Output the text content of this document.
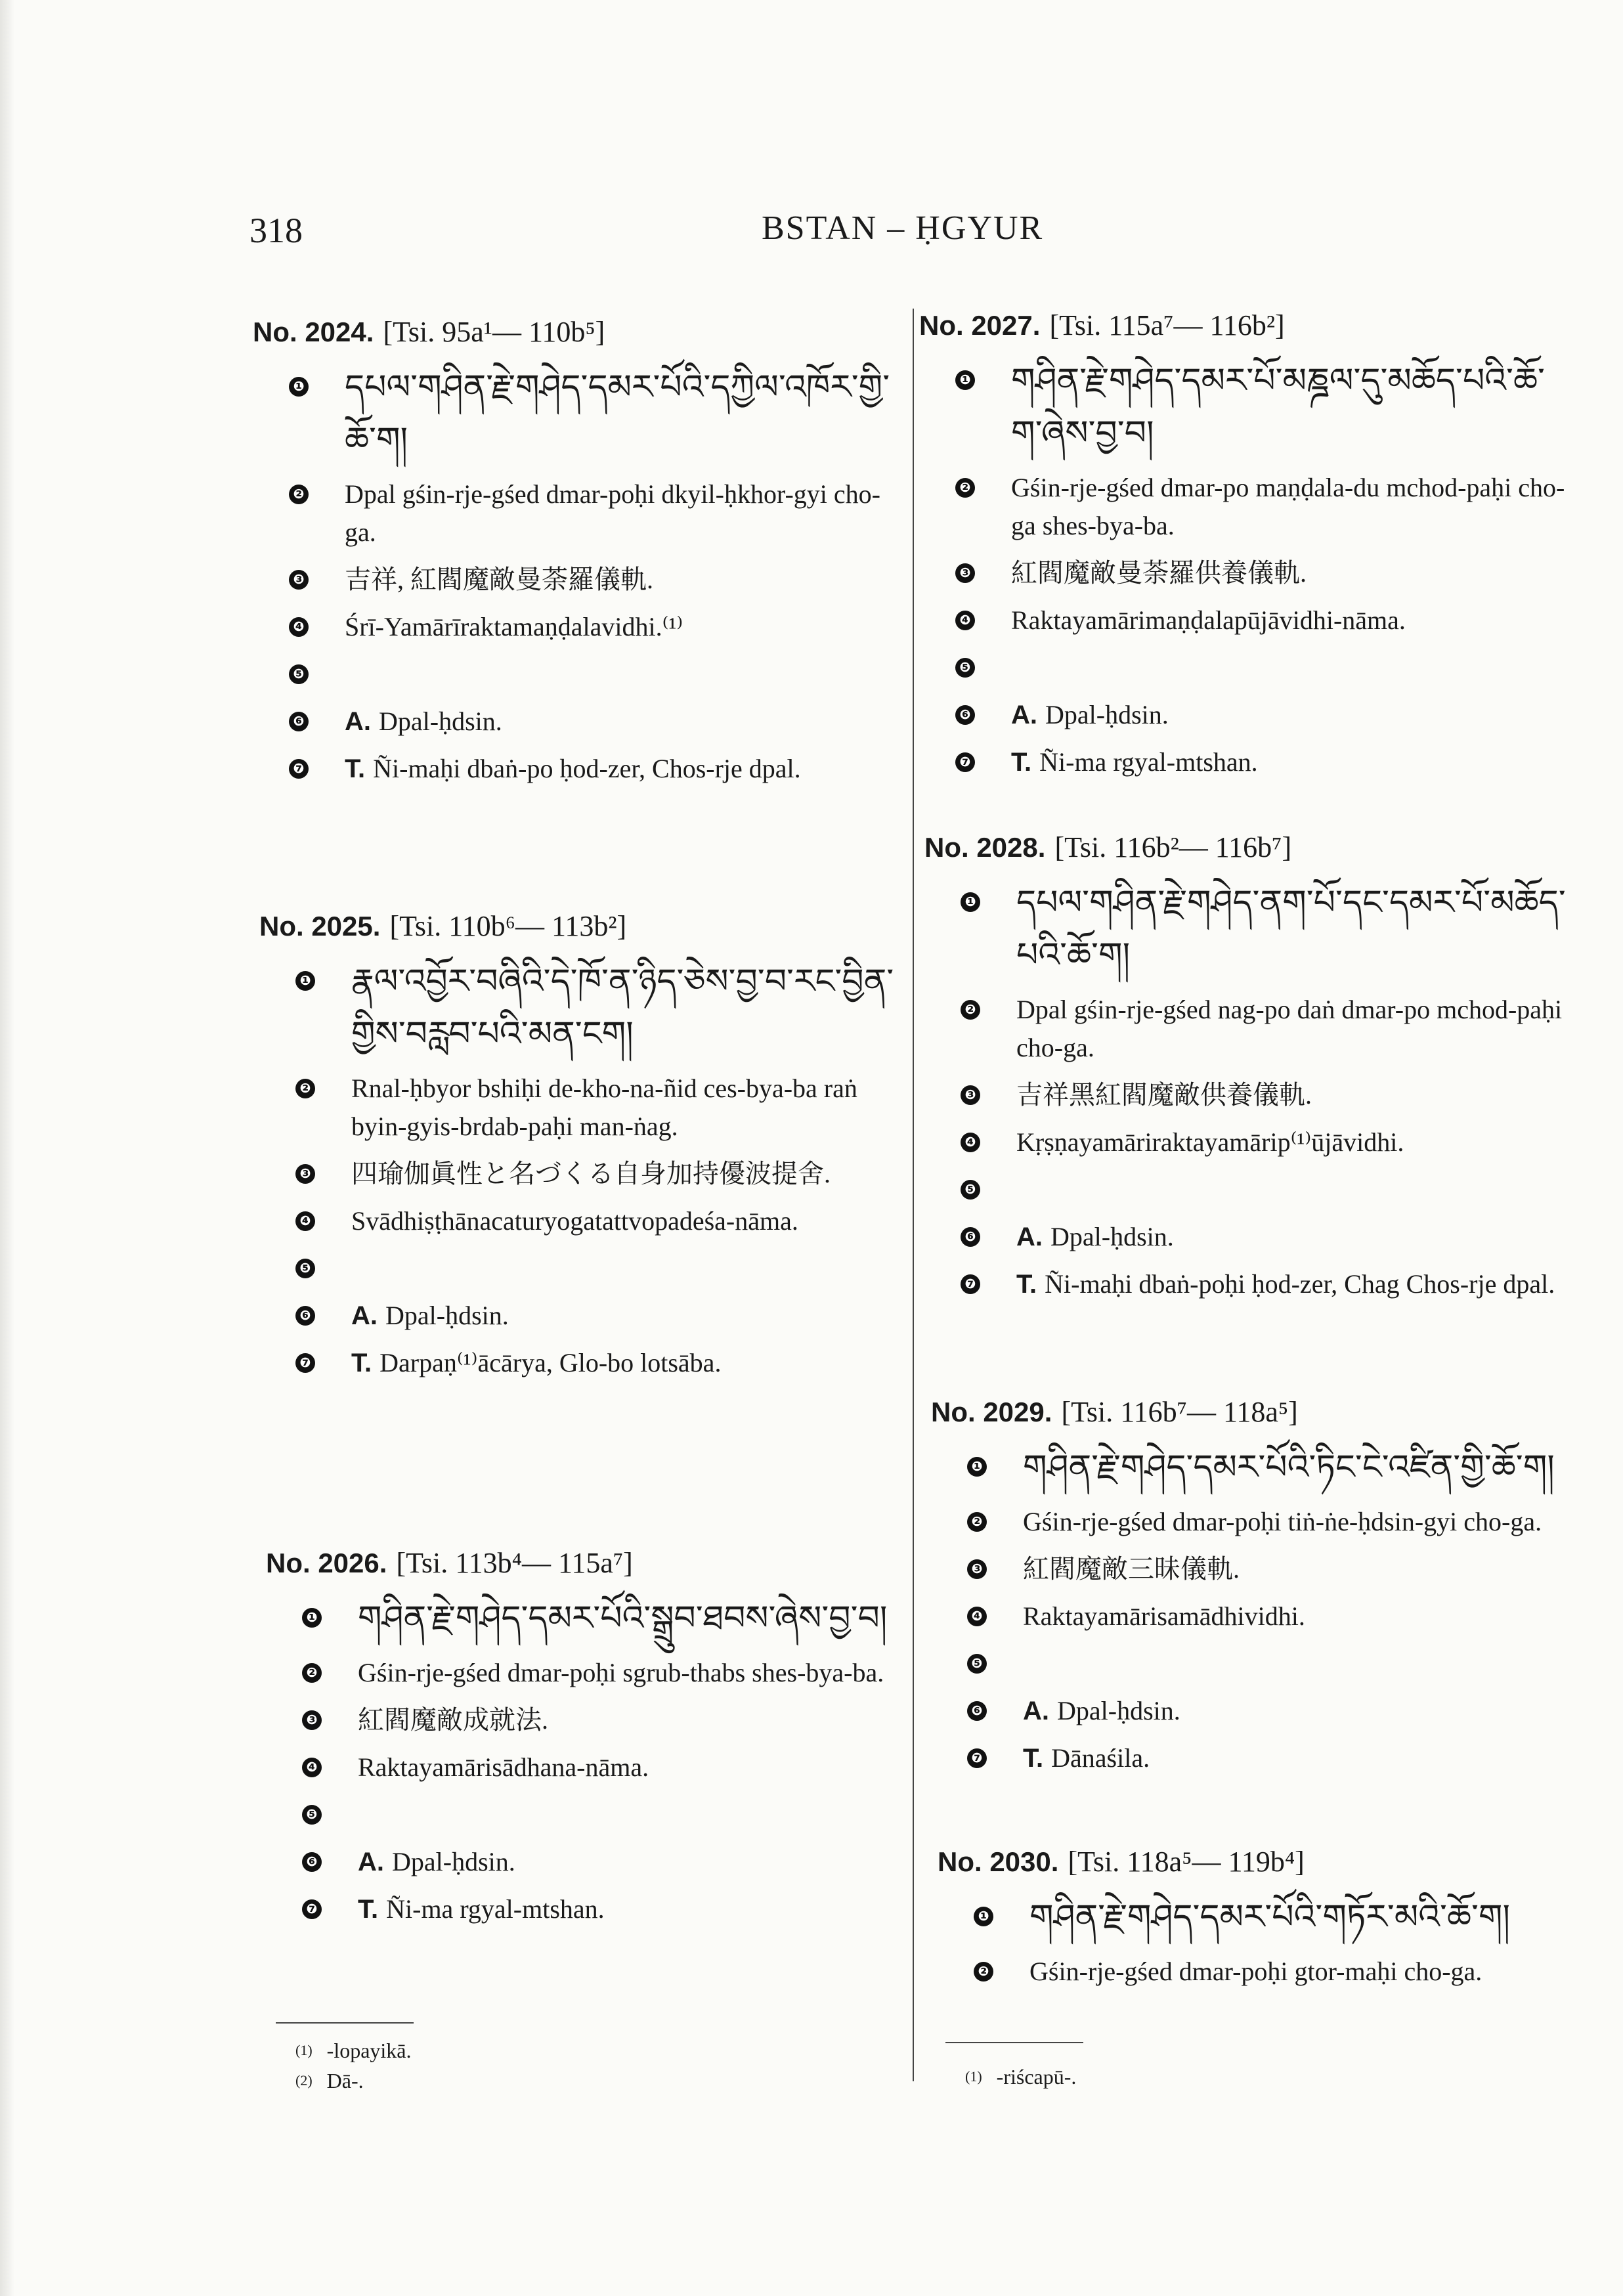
318	BSTAN – ḤGYUR
No. 2024. [Tsi. 95a¹— 110b⁵]
❶ དཔལ་གཤིན་རྗེ་གཤེད་དམར་པོའི་དཀྱིལ་འཁོར་གྱི་ཆོ་ག།
❷ Dpal gśin-rje-gśed dmar-poḥi dkyil-ḥkhor-gyi cho-ga.
❸ 吉祥, 紅閻魔敵曼荼羅儀軌.
❹ Śrī-Yamārīraktamaṇḍalavidhi.⁽¹⁾
❺
❻ A. Dpal-ḥdsin.
❼ T. Ñi-maḥi dbaṅ-po ḥod-zer, Chos-rje dpal.
No. 2025. [Tsi. 110b⁶— 113b²]
❶ རྣལ་འབྱོར་བཞིའི་དེ་ཁོ་ན་ཉིད་ཅེས་བྱ་བ་རང་བྱིན་གྱིས་བརླབ་པའི་མན་ངག།
❷ Rnal-ḥbyor bshiḥi de-kho-na-ñid ces-bya-ba raṅ byin-gyis-brdab-paḥi man-ṅag.
❸ 四瑜伽眞性と名づくる自身加持優波提舍.
❹ Svādhiṣṭhānacaturyogatattvopadeśa-nāma.
❺
❻ A. Dpal-ḥdsin.
❼ T. Darpaṇ⁽¹⁾ācārya, Glo-bo lotsāba.
No. 2026. [Tsi. 113b⁴— 115a⁷]
❶ གཤིན་རྗེ་གཤེད་དམར་པོའི་སྒྲུབ་ཐབས་ཞེས་བྱ་བ།
❷ Gśin-rje-gśed dmar-poḥi sgrub-thabs shes-bya-ba.
❸ 紅閻魔敵成就法.
❹ Raktayamārisādhana-nāma.
❺
❻ A. Dpal-ḥdsin.
❼ T. Ñi-ma rgyal-mtshan.
No. 2027. [Tsi. 115a⁷— 116b²]
❶ གཤིན་རྗེ་གཤེད་དམར་པོ་མཎྜལ་དུ་མཆོད་པའི་ཆོ་ག་ཞེས་བྱ་བ།
❷ Gśin-rje-gśed dmar-po maṇḍala-du mchod-paḥi cho-ga shes-bya-ba.
❸ 紅閻魔敵曼荼羅供養儀軌.
❹ Raktayamārimaṇḍalapūjāvidhi-nāma.
❺
❻ A. Dpal-ḥdsin.
❼ T. Ñi-ma rgyal-mtshan.
No. 2028. [Tsi. 116b²— 116b⁷]
❶ དཔལ་གཤིན་རྗེ་གཤེད་ནག་པོ་དང་དམར་པོ་མཆོད་པའི་ཆོ་ག།
❷ Dpal gśin-rje-gśed nag-po daṅ dmar-po mchod-paḥi cho-ga.
❸ 吉祥黑紅閻魔敵供養儀軌.
❹ Kṛṣṇayamāriraktayamārip⁽¹⁾ūjāvidhi.
❺
❻ A. Dpal-ḥdsin.
❼ T. Ñi-maḥi dbaṅ-poḥi ḥod-zer, Chag Chos-rje dpal.
No. 2029. [Tsi. 116b⁷— 118a⁵]
❶ གཤིན་རྗེ་གཤེད་དམར་པོའི་ཏིང་ངེ་འཛིན་གྱི་ཆོ་ག།
❷ Gśin-rje-gśed dmar-poḥi tiṅ-ṅe-ḥdsin-gyi cho-ga.
❸ 紅閻魔敵三昧儀軌.
❹ Raktayamārisamādhividhi.
❺
❻ A. Dpal-ḥdsin.
❼ T. Dānaśila.
No. 2030. [Tsi. 118a⁵— 119b⁴]
❶ གཤིན་རྗེ་གཤེད་དམར་པོའི་གཏོར་མའི་ཆོ་ག།
❷ Gśin-rje-gśed dmar-poḥi gtor-maḥi cho-ga.
$^{(1)}$ -lopayikā.
$^{(2)}$ Dā-.	$^{(1)}$ -riścapū-.
